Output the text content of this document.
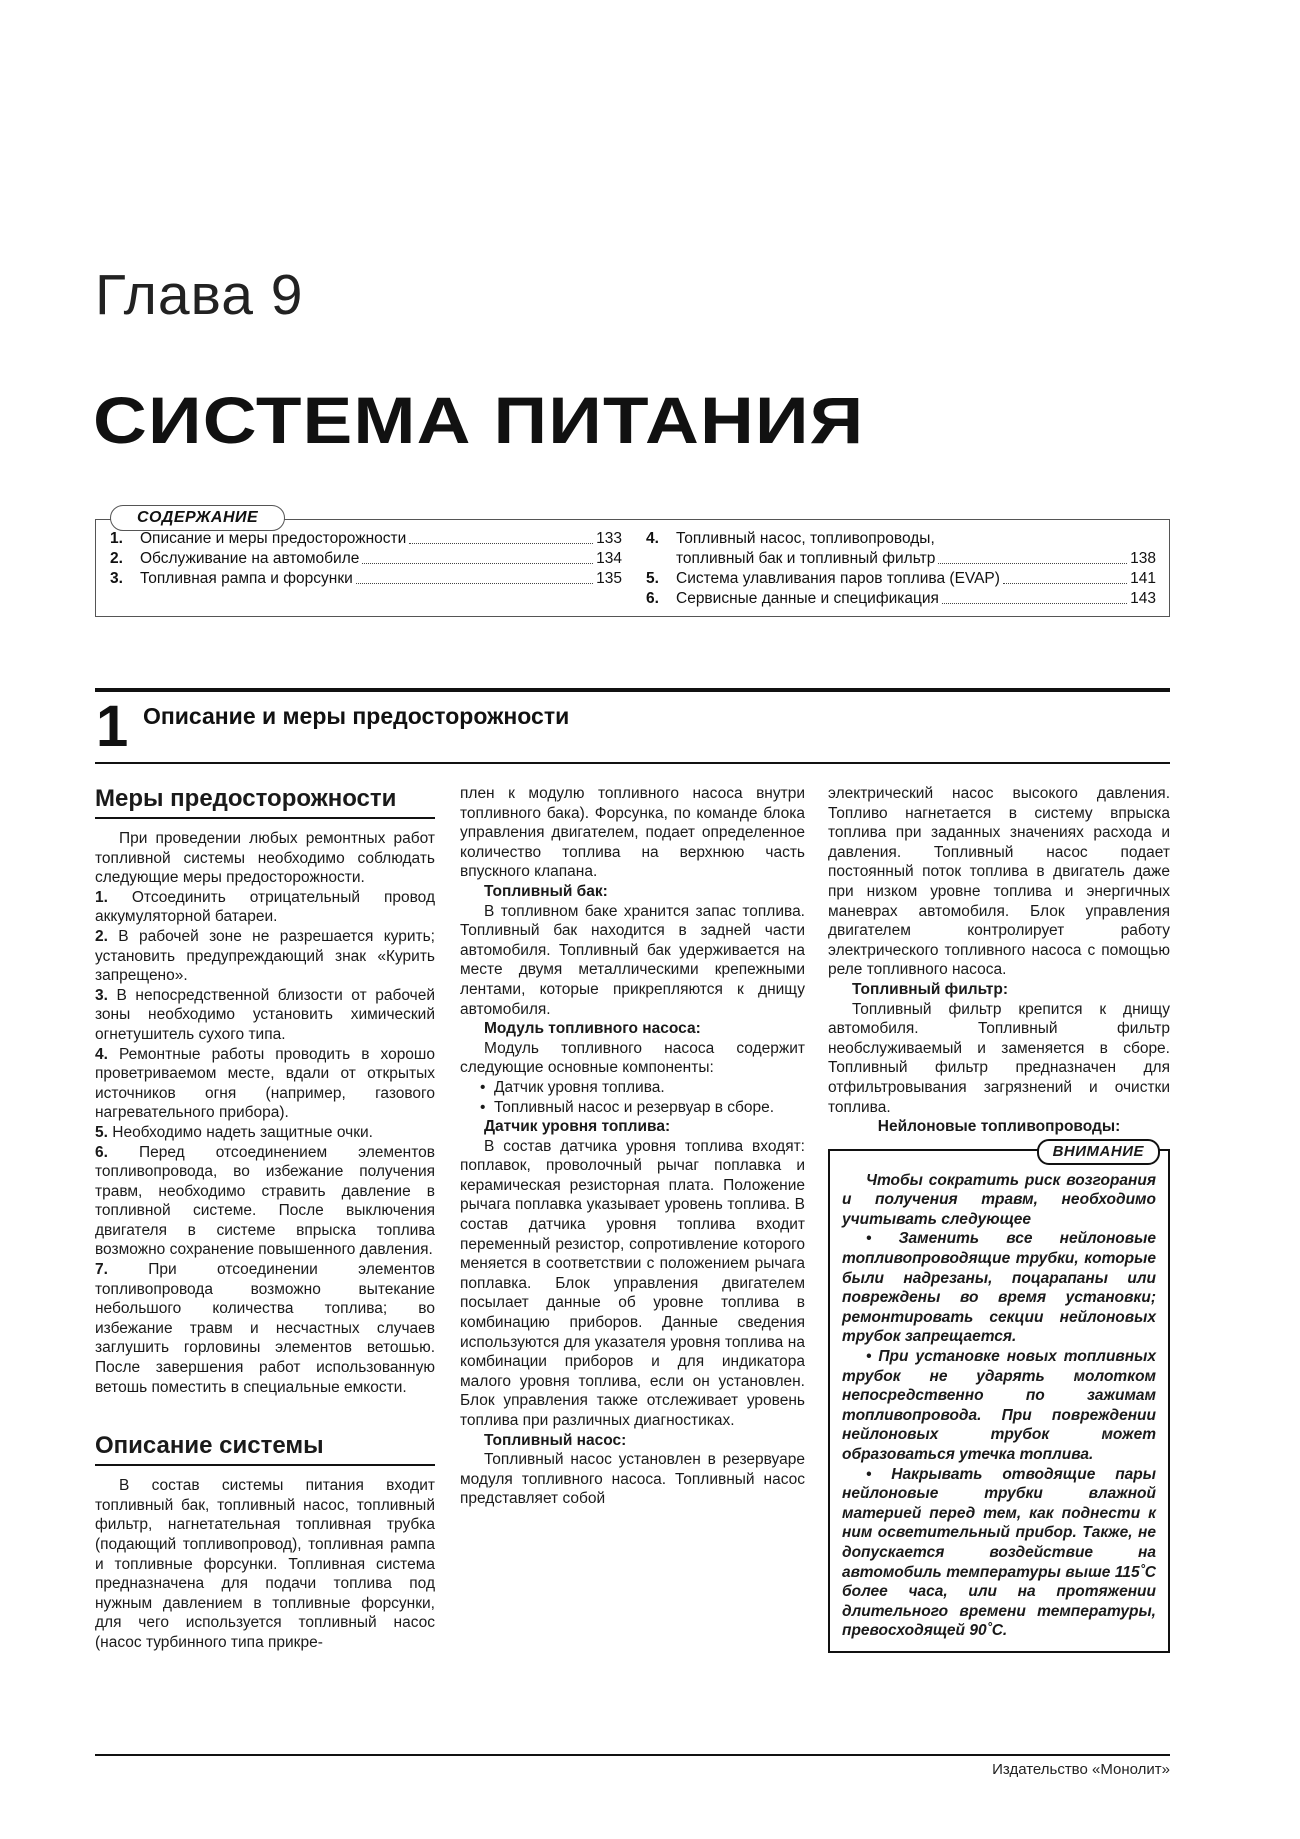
Глава 9
СИСТЕМА ПИТАНИЯ
СОДЕРЖАНИЕ
1.	Описание и меры предосторожности	133
2.	Обслуживание на автомобиле	134
3.	Топливная рампа и форсунки	135
4.	Топливный насос, топливопроводы,
топливный бак и топливный фильтр	138
5.	Система улавливания паров топлива (EVAP)	141
6.	Сервисные данные и спецификация	143
1 Описание и меры предосторожности
Меры предосторожности

При проведении любых ремонтных работ топливной системы необходимо соблюдать следующие меры предосторожности.

1. Отсоединить отрицательный провод аккумуляторной батареи.

2. В рабочей зоне не разрешается курить; установить предупреждающий знак «Курить запрещено».

3. В непосредственной близости от рабочей зоны необходимо установить химический огнетушитель сухого типа.

4. Ремонтные работы проводить в хорошо проветриваемом месте, вдали от открытых источников огня (например, газового нагревательного прибора).

5. Необходимо надеть защитные очки.

6. Перед отсоединением элементов топливопровода, во избежание получения травм, необходимо стравить давление в топливной системе. После выключения двигателя в системе впрыска топлива возможно сохранение повышенного давления.

7.	При отсоединении элементов топливопровода возможно вытекание небольшого количества топлива; во избежание травм и несчастных случаев заглушить горловины элементов ветошью. После завершения работ использованную ветошь поместить в специальные емкости.

Описание системы

В состав системы питания входит топливный бак, топливный насос, топливный фильтр, нагнетательная топливная трубка (подающий топливопровод), топливная рампа и топливные форсунки. Топливная система предназначена для подачи топлива под нужным давлением в топливные форсунки, для чего используется топливный насос (насос турбинного типа прикре-

плен к модулю топливного насоса внутри топливного бака). Форсунка, по команде блока управления двигателем, подает определенное количество топлива на верхнюю часть впускного клапана.

Топливный бак:

В топливном баке хранится запас топлива. Топливный бак находится в задней части автомобиля. Топливный бак удерживается на месте двумя металлическими крепежными лентами, которые прикрепляются к днищу автомобиля.

Модуль топливного насоса:

Модуль топливного насоса содержит следующие основные компоненты:

•  Датчик уровня топлива.

•  Топливный насос и резервуар в сборе.

Датчик уровня топлива:

В состав датчика уровня топлива входят: поплавок, проволочный рычаг поплавка и керамическая резисторная плата. Положение рычага поплавка указывает уровень топлива. В состав датчика уровня топлива входит переменный резистор, сопротивление которого меняется в соответствии с положением рычага поплавка. Блок управления двигателем посылает данные об уровне топлива в комбинацию приборов. Данные сведения используются для указателя уровня топлива на комбинации приборов и для индикатора малого уровня топлива, если он установлен. Блок управления также отслеживает уровень топлива при различных диагностиках.

Топливный насос:

Топливный насос установлен в резервуаре модуля топливного насоса. Топливный насос представляет собой

электрический насос высокого давления. Топливо нагнетается в систему впрыска топлива при заданных значениях расхода и давления. Топливный насос подает постоянный поток топлива в двигатель даже при низком уровне топлива и энергичных маневрах автомобиля. Блок управления двигателем контролирует работу электрического топливного насоса с помощью реле топливного насоса.

Топливный фильтр:

Топливный фильтр крепится к днищу автомобиля. Топливный фильтр необслуживаемый и заменяется в сборе. Топливный фильтр предназначен для отфильтровывания загрязнений и очистки топлива.

Нейлоновые топливопроводы:

ВНИМАНИЕ

Чтобы сократить риск возгорания и получения травм, необходимо учитывать следующее

• Заменить все нейлоновые топливопроводящие трубки, которые были надрезаны, поцарапаны или повреждены во время установки; ремонтировать секции нейлоновых трубок запрещается.

• При установке новых топливных трубок не ударять молотком непосредственно по зажимам топливопровода. При повреждении нейлоновых трубок может образоваться утечка топлива.

• Накрывать отводящие пары нейлоновые трубки влажной материей перед тем, как поднести к ним осветительный прибор. Также, не допускается воздействие на автомобиль температуры выше 115˚С более часа, или на протяжении длительного времени температуры, превосходящей 90˚С.

Издательство «Монолит»
